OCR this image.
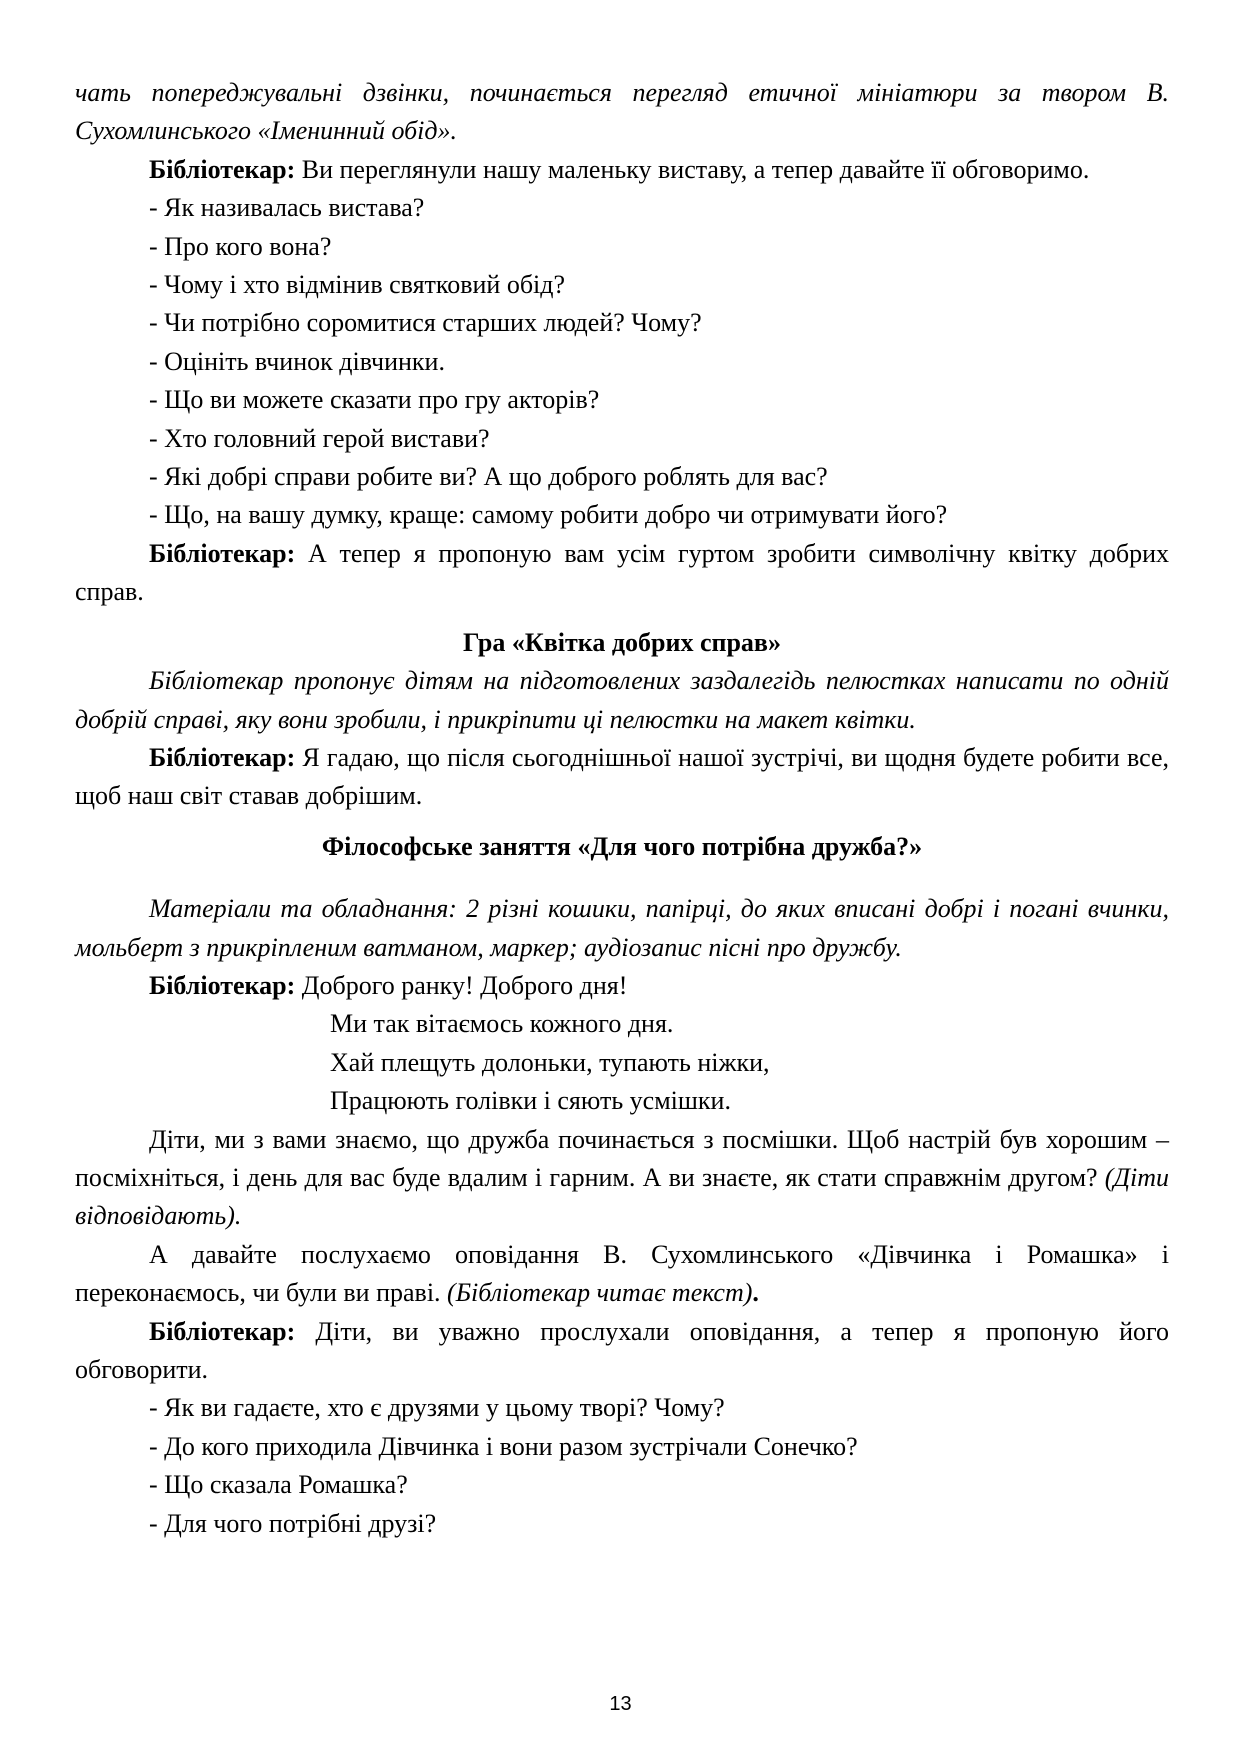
чать попереджувальні дзвінки, починається перегляд етичної мініатюри за твором В. Сухомлинського «Іменинний обід».

Бібліотекар: Ви переглянули нашу маленьку виставу, а тепер давайте її обговоримо.

- Як називалась вистава?

- Про кого вона?

- Чому і хто відмінив святковий обід?

- Чи потрібно соромитися старших людей? Чому?

- Оцініть вчинок дівчинки.

- Що ви можете сказати про гру акторів?

- Хто головний герой вистави?

- Які добрі справи робите ви? А що доброго роблять для вас?

- Що, на вашу думку, краще: самому робити добро чи отримувати його?

Бібліотекар: А тепер я пропоную вам усім гуртом зробити символічну квітку добрих справ.

Гра «Квітка добрих справ»

Бібліотекар пропонує дітям на підготовлених заздалегідь пелюстках написати по одній добрій справі, яку вони зробили, і прикріпити ці пелюстки на макет квітки.

Бібліотекар: Я гадаю, що після сьогоднішньої нашої зустрічі, ви щодня будете робити все, щоб наш світ ставав добрішим.

Філософське заняття «Для чого потрібна дружба?»

Матеріали та обладнання: 2 різні кошики, папірці, до яких вписані добрі і погані вчинки, мольберт з прикріпленим ватманом, маркер; аудіозапис пісні про дружбу.

Бібліотекар: Доброго ранку! Доброго дня!

Ми так вітаємось кожного дня.

Хай плещуть долоньки, тупають ніжки,

Працюють голівки і сяють усмішки.

Діти, ми з вами знаємо, що дружба починається з посмішки. Щоб настрій був хорошим – посміхніться, і день для вас буде вдалим і гарним. А ви знаєте, як стати справжнім другом? (Діти відповідають).

А давайте послухаємо оповідання В. Сухомлинського «Дівчинка і Ромашка» і переконаємось, чи були ви праві. (Бібліотекар читає текст).

Бібліотекар: Діти, ви уважно прослухали оповідання, а тепер я пропоную його обговорити.

- Як ви гадаєте, хто є друзями у цьому творі? Чому?

- До кого приходила Дівчинка і вони разом зустрічали Сонечко?

- Що сказала Ромашка?

- Для чого потрібні друзі?

13
